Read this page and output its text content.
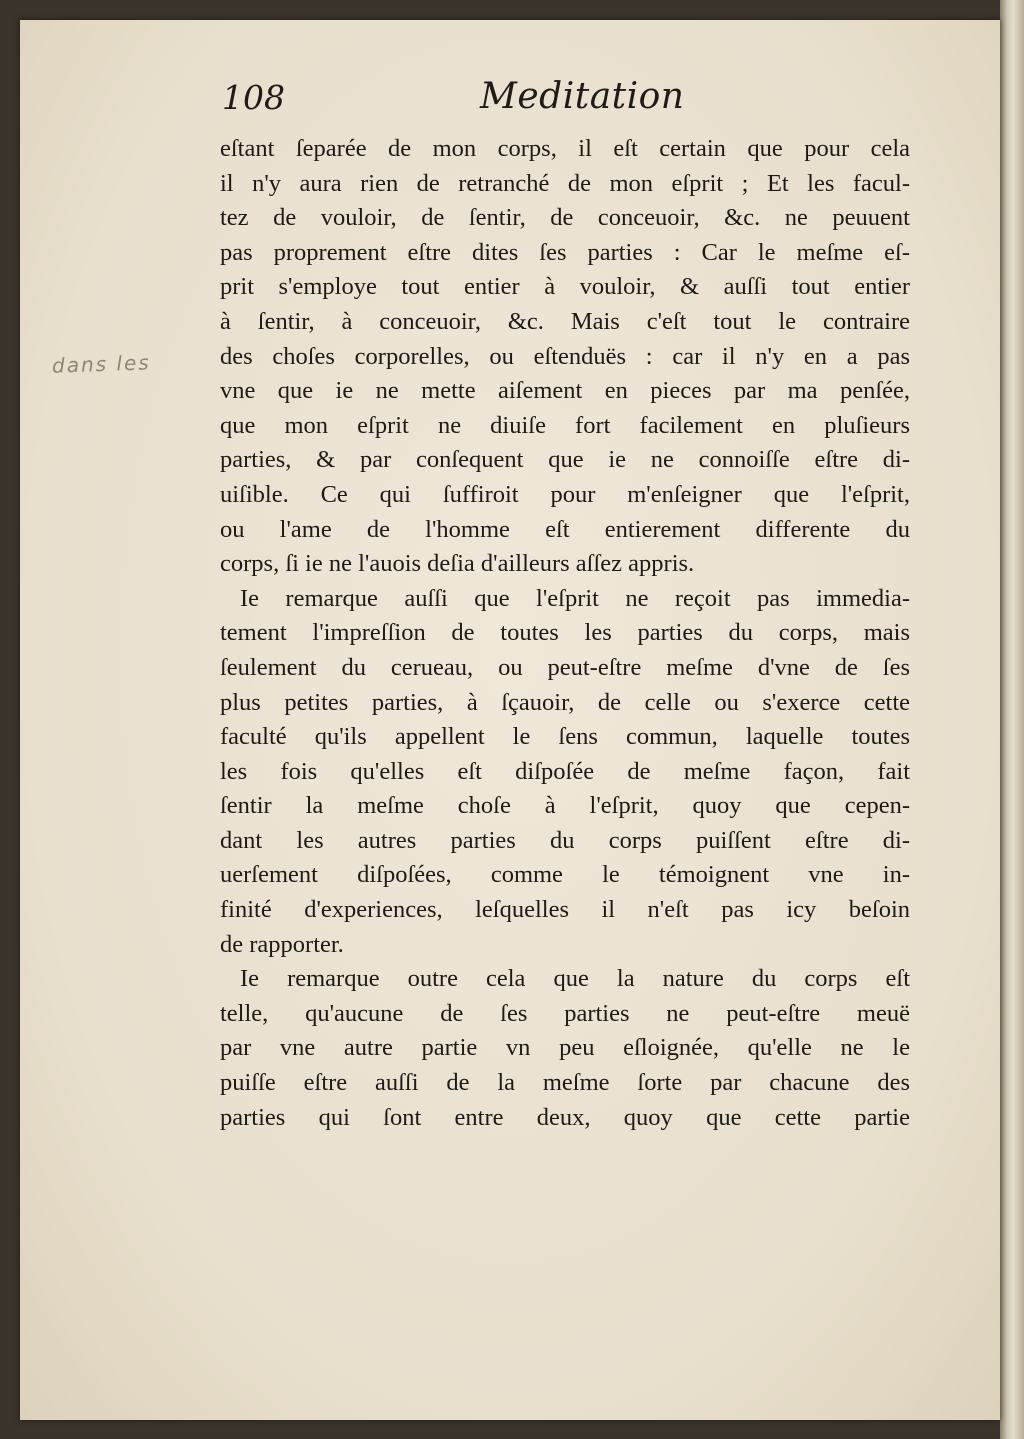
dans les
108	Meditation
eſtant ſeparée de mon corps, il eſt certain que pour cela
il n'y aura rien de retranché de mon eſprit ; Et les facul-
tez de vouloir, de ſentir, de conceuoir, &c. ne peuuent
pas proprement eſtre dites ſes parties : Car le meſme eſ-
prit s'employe tout entier à vouloir, & auſſi tout entier
à ſentir, à conceuoir, &c. Mais c'eſt tout le contraire
des choſes corporelles, ou eſtenduës : car il n'y en a pas
vne que ie ne mette aiſement en pieces par ma penſée,
que mon eſprit ne diuiſe fort facilement en pluſieurs
parties, & par conſequent que ie ne connoiſſe eſtre di-
uiſible. Ce qui ſuffiroit pour m'enſeigner que l'eſprit,
ou l'ame de l'homme eſt entierement differente du
corps, ſi ie ne l'auois deſia d'ailleurs aſſez appris.
Ie remarque auſſi que l'eſprit ne reçoit pas immedia-
tement l'impreſſion de toutes les parties du corps, mais
ſeulement du cerueau, ou peut-eſtre meſme d'vne de ſes
plus petites parties, à ſçauoir, de celle ou s'exerce cette
faculté qu'ils appellent le ſens commun, laquelle toutes
les fois qu'elles eſt diſpoſée de meſme façon, fait
ſentir la meſme choſe à l'eſprit, quoy que cepen-
dant les autres parties du corps puiſſent eſtre di-
uerſement diſpoſées, comme le témoignent vne in-
finité d'experiences, leſquelles il n'eſt pas icy beſoin
de rapporter.
Ie remarque outre cela que la nature du corps eſt
telle, qu'aucune de ſes parties ne peut-eſtre meuë
par vne autre partie vn peu eſloignée, qu'elle ne le
puiſſe eſtre auſſi de la meſme ſorte par chacune des
parties qui ſont entre deux, quoy que cette partie
